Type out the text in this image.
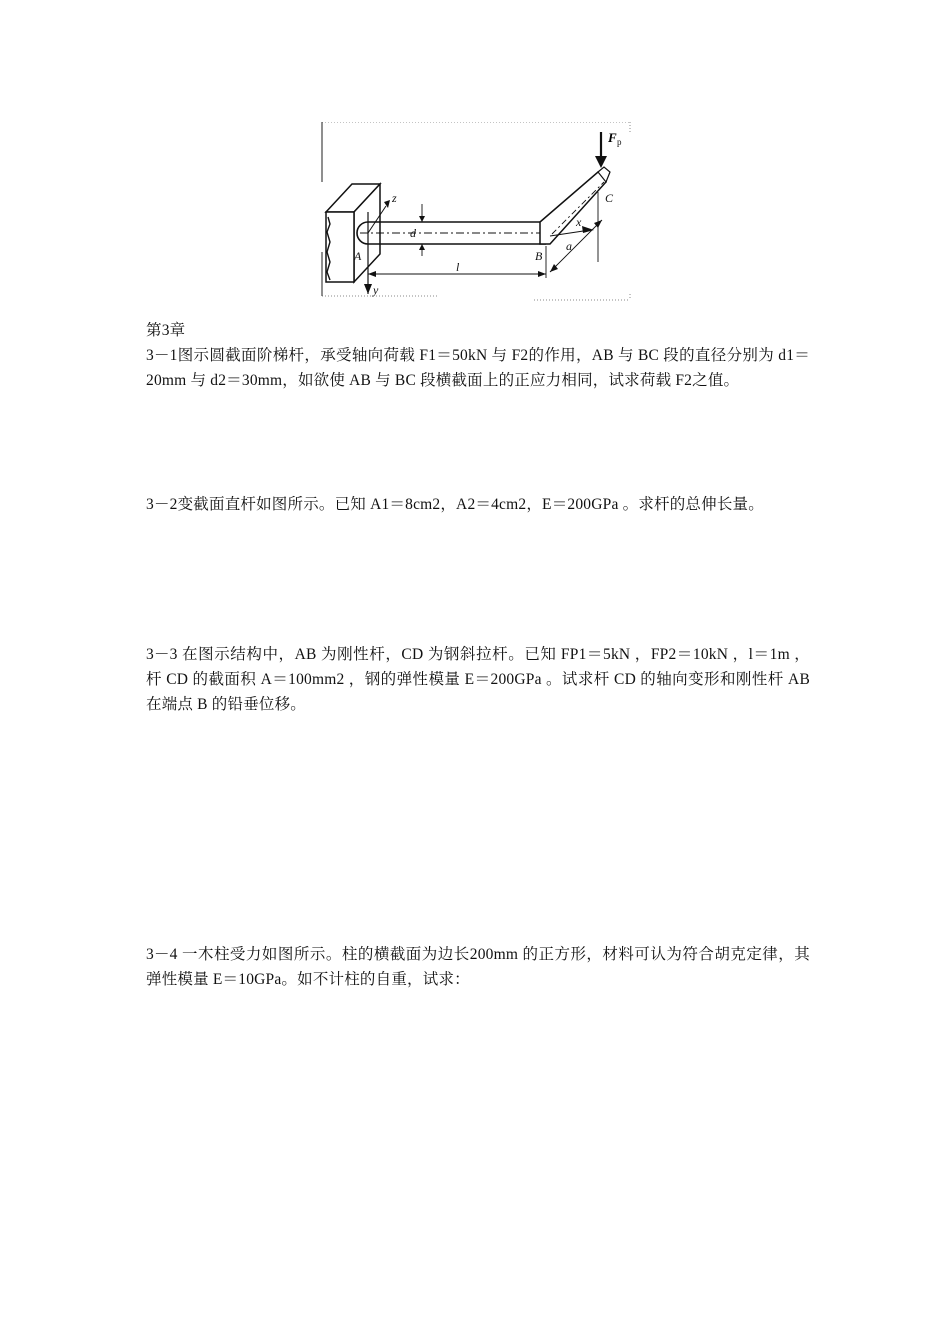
F p
A	B
C
z
y
x
d
l
a
第3章
3－1图示圆截面阶梯杆，承受轴向荷载 F1＝50kN 与 F2的作用，AB 与 BC 段的直径分别为 d1＝20mm 与 d2＝30mm，如欲使 AB 与 BC 段横截面上的正应力相同，试求荷载 F2之值。
3－2变截面直杆如图所示。已知 A1＝8cm2，A2＝4cm2，E＝200GPa 。求杆的总伸长量。
3－3 在图示结构中，AB 为刚性杆，CD 为钢斜拉杆。已知 FP1＝5kN ，FP2＝10kN ，l＝1m ，杆 CD 的截面积 A＝100mm2 ，钢的弹性模量 E＝200GPa 。试求杆 CD 的轴向变形和刚性杆 AB 在端点 B 的铅垂位移。
3－4 一木柱受力如图所示。柱的横截面为边长200mm 的正方形，材料可认为符合胡克定律，其弹性模量 E＝10GPa。如不计柱的自重，试求：
